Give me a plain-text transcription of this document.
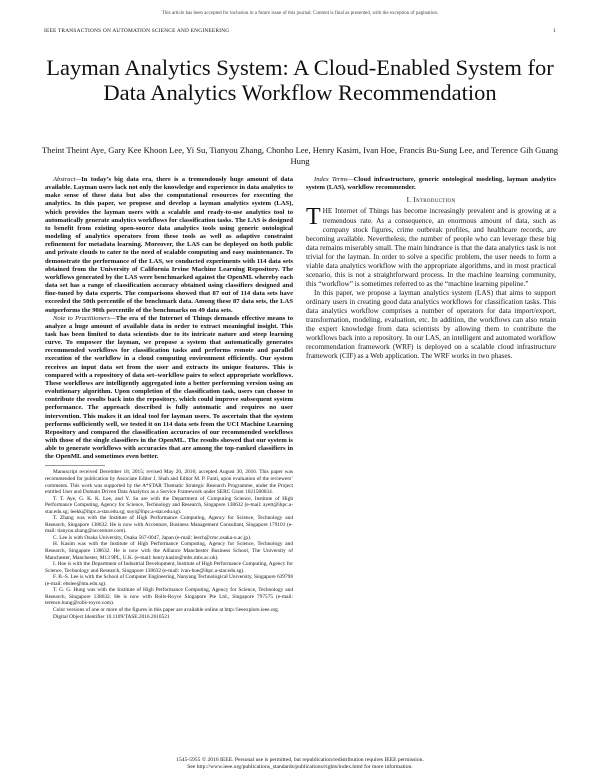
This article has been accepted for inclusion in a future issue of this journal. Content is final as presented, with the exception of pagination.
IEEE TRANSACTIONS ON AUTOMATION SCIENCE AND ENGINEERING	1
Layman Analytics System: A Cloud-Enabled System for Data Analytics Workflow Recommendation
Theint Theint Aye, Gary Kee Khoon Lee, Yi Su, Tianyou Zhang, Chonho Lee, Henry Kasim, Ivan Hoe, Francis Bu-Sung Lee, and Terence Gih Guang Hung

Abstract—In today’s big data era, there is a tremendously huge amount of data available. Layman users lack not only the knowledge and experience in data analytics to make sense of these data but also the computational resources for executing the analytics. In this paper, we propose and develop a layman analytics system (LAS), which provides the layman users with a scalable and ready-to-use analytics tool to automatically generate analytics workflows for classification tasks. The LAS is designed to benefit from existing open-source data analytics tools using generic ontological modeling of analytics operators from these tools as well as adaptive constraint refinement for metadata learning. Moreover, the LAS can be deployed on both public and private clouds to cater to the need of scalable computing and easy maintenance. To demonstrate the performance of the LAS, we conducted experiments with 114 data sets obtained from the University of California Irvine Machine Learning Repository. The workflows generated by the LAS were benchmarked against the OpenML whereby each data set has a range of classification accuracy obtained using classifiers designed and fine-tuned by data experts. The comparisons showed that 87 out of 114 data sets have exceeded the 50th percentile of the benchmark data. Among these 87 data sets, the LAS outperforms the 90th percentile of the benchmarks on 49 data sets.

Note to Practitioners—The era of the Internet of Things demands effective means to analyze a huge amount of available data in order to extract meaningful insight. This task has been limited to data scientists due to its intricate nature and steep learning curve. To empower the layman, we propose a system that automatically generates recommended workflows for classification tasks and performs remote and parallel execution of the workflow in a cloud computing environment efficiently. Our system receives an input data set from the user and extracts its unique features. This is compared with a repository of data set–workflow pairs to select appropriate workflows. These workflows are intelligently aggregated into a better performing version using an evolutionary algorithm. Upon completion of the classification task, users can choose to contribute the results back into the repository, which could improve subsequent system performance. The approach described is fully automatic and requires no user intervention. This makes it an ideal tool for layman users. To ascertain that the system performs sufficiently well, we tested it on 114 data sets from the UCI Machine Learning Repository and compared the classification accuracies of our recommended workflows with those of the single classifiers in the OpenML. The results showed that our system is able to generate workflows with accuracies that are among the top-ranked classifiers in the OpenML and sometimes even better.

Manuscript received December 18, 2015; revised May 20, 2016; accepted August 30, 2016. This paper was recommended for publication by Associate Editor J. Shah and Editor M. P. Fanti, upon evaluation of the reviewers’ comments. This work was supported by the A*STAR Thematic Strategic Research Programme, under the Project entitled User and Domain Driven Data Analytics as a Service Framework under SERC Grant 1021580034.

T. T. Aye, G. K. K. Lee, and Y. Su are with the Department of Computing Science, Institute of High Performance Computing, Agency for Science, Technology and Research, Singapore 138632 (e-mail: ayett@ihpc.a-star.edu.sg; leekk@ihpc.a-star.edu.sg; suyi@ihpc.a-star.edu.sg).

T. Zhang was with the Institute of High Performance Computing, Agency for Science, Technology and Research, Singapore 138632. He is now with Accenture, Business Management Consultant, Singapore 179101 (e-mail: tianyou.zhang@accenture.com).

C. Lee is with Osaka University, Osaka 567-0047, Japan (e-mail: leech@cmc.osaka-u.ac.jp).

H. Kasim was with the Institute of High Performance Computing, Agency for Science, Technology and Research, Singapore 138632. He is now with the Alliance Manchester Business School, The University of Manchester, Manchester, M13 9PL, U.K. (e-mail: henry.kasim@mbs.mbs.ac.uk).

I. Hoe is with the Department of Industrial Development, Institute of High Performance Computing, Agency for Science, Technology and Research, Singapore 138632 (e-mail: ivan-hoe@ihpc.a-star.edu.sg).

F. B.-S. Lee is with the School of Computer Engineering, Nanyang Technological University, Singapore 639798 (e-mail: ebslee@ntu.edu.sg).

T. G. G. Hung was with the Institute of High Performance Computing, Agency for Science, Technology and Research, Singapore 138632. He is now with Rolls-Royce Singapore Pte Ltd., Singapore 797575 (e-mail: terence.hung@rolls-royce.com).

Color versions of one or more of the figures in this paper are available online at http://ieeexplore.ieee.org.

Digital Object Identifier 10.1109/TASE.2016.2610521

Index Terms—Cloud infrastructure, generic ontological modeling, layman analytics system (LAS), workflow recommender.

I. Introduction

THE Internet of Things has become increasingly prevalent and is growing at a tremendous rate. As a consequence, an enormous amount of data, such as company stock figures, crime outbreak profiles, and healthcare records, are becoming available. Nevertheless, the number of people who can leverage these big data remains miserably small. The main hindrance is that the data analytics task is not trivial for the layman. In order to solve a specific problem, the user needs to form a viable data analytics workflow with the appropriate algorithms, and in most practical scenario, this is not a straightforward process. In the machine learning community, this “workflow” is sometimes referred to as the “machine learning pipeline.”

In this paper, we propose a layman analytics system (LAS) that aims to support ordinary users in creating good data analytics workflows for classification tasks. This data analytics workflow comprises a number of operators for data import/export, transformation, modeling, evaluation, etc. In addition, the workflows can also retain the expert knowledge from data scientists by allowing them to contribute the workflows back into a repository. In our LAS, an intelligent and automated workflow recommendation framework (WRF) is deployed on a scalable cloud infrastructure framework (CIF) as a Web application. The WRF works in two phases.

1545-5955 © 2016 IEEE. Personal use is permitted, but republication/redistribution requires IEEE permission.
See http://www.ieee.org/publications_standards/publications/rights/index.html for more information.
